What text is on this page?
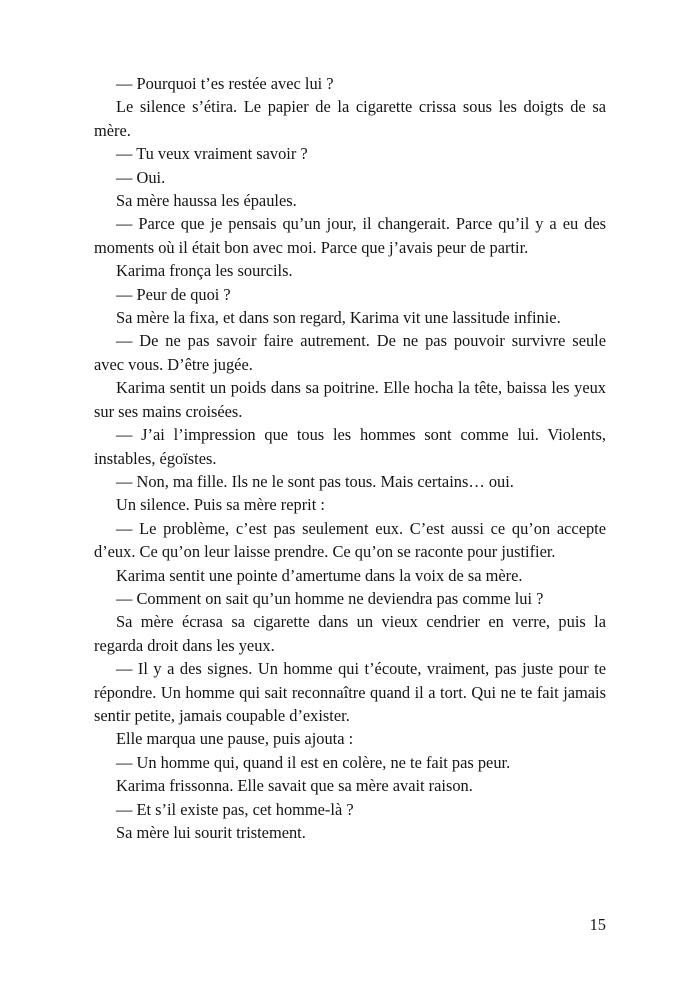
— Pourquoi t’es restée avec lui ?

Le silence s’étira. Le papier de la cigarette crissa sous les doigts de sa mère.

— Tu veux vraiment savoir ?

— Oui.

Sa mère haussa les épaules.

— Parce que je pensais qu’un jour, il changerait. Parce qu’il y a eu des moments où il était bon avec moi. Parce que j’avais peur de partir.

Karima fronça les sourcils.

— Peur de quoi ?

Sa mère la fixa, et dans son regard, Karima vit une lassitude infinie.

— De ne pas savoir faire autrement. De ne pas pouvoir survivre seule avec vous. D’être jugée.

Karima sentit un poids dans sa poitrine. Elle hocha la tête, baissa les yeux sur ses mains croisées.

— J’ai l’impression que tous les hommes sont comme lui. Violents, instables, égoïstes.

— Non, ma fille. Ils ne le sont pas tous. Mais certains… oui.

Un silence. Puis sa mère reprit :

— Le problème, c’est pas seulement eux. C’est aussi ce qu’on accepte d’eux. Ce qu’on leur laisse prendre. Ce qu’on se raconte pour justifier.

Karima sentit une pointe d’amertume dans la voix de sa mère.

— Comment on sait qu’un homme ne deviendra pas comme lui ?

Sa mère écrasa sa cigarette dans un vieux cendrier en verre, puis la regarda droit dans les yeux.

— Il y a des signes. Un homme qui t’écoute, vraiment, pas juste pour te répondre. Un homme qui sait reconnaître quand il a tort. Qui ne te fait jamais sentir petite, jamais coupable d’exister.

Elle marqua une pause, puis ajouta :

— Un homme qui, quand il est en colère, ne te fait pas peur.

Karima frissonna. Elle savait que sa mère avait raison.

— Et s’il existe pas, cet homme-là ?

Sa mère lui sourit tristement.

15
